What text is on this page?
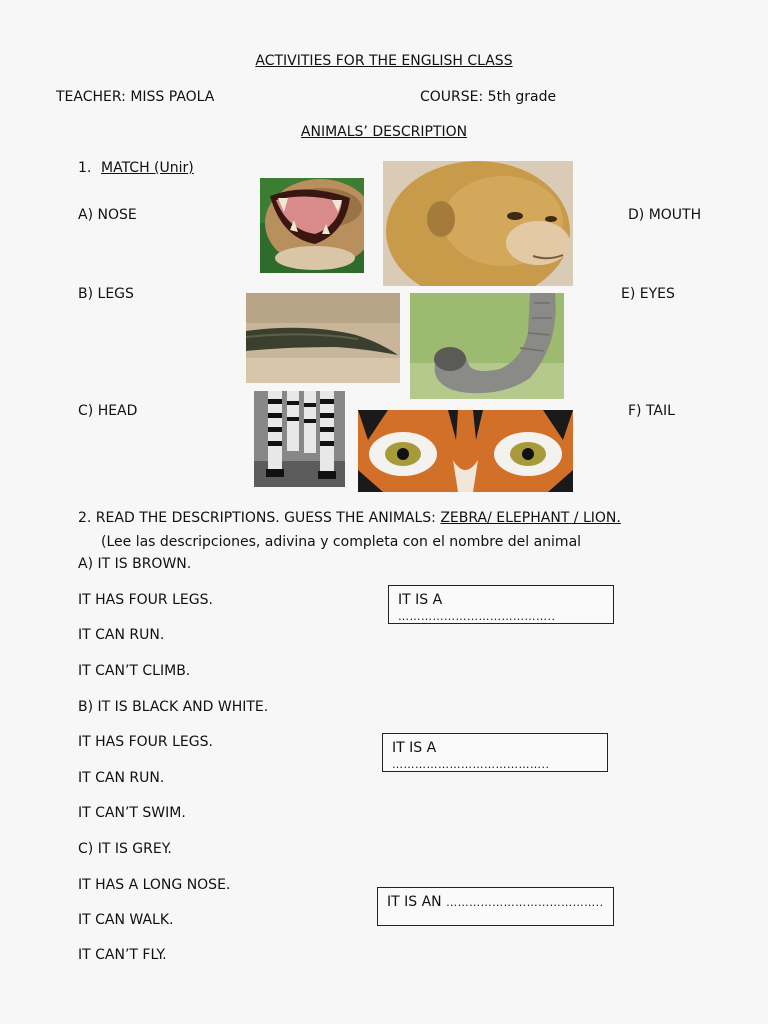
ACTIVITIES FOR THE ENGLISH CLASS
TEACHER: MISS PAOLA	COURSE: 5th grade
ANIMALS’ DESCRIPTION
1. MATCH (Unir)
A) NOSE
B) LEGS
C) HEAD
D) MOUTH
E) EYES
F) TAIL
2. READ THE DESCRIPTIONS. GUESS THE ANIMALS: ZEBRA/ ELEPHANT / LION.
(Lee las descripciones, adivina y completa con el nombre del animal
A) IT IS BROWN.
IT HAS FOUR LEGS.
IT CAN RUN.
IT CAN’T CLIMB.
IT IS A …………………………………..
B) IT IS BLACK AND WHITE.
IT HAS FOUR LEGS.
IT CAN RUN.
IT CAN’T SWIM.
IT IS A …………………………………..
C) IT IS GREY.
IT HAS A LONG NOSE.
IT CAN WALK.
IT CAN’T FLY.
IT IS AN …………………………………..
